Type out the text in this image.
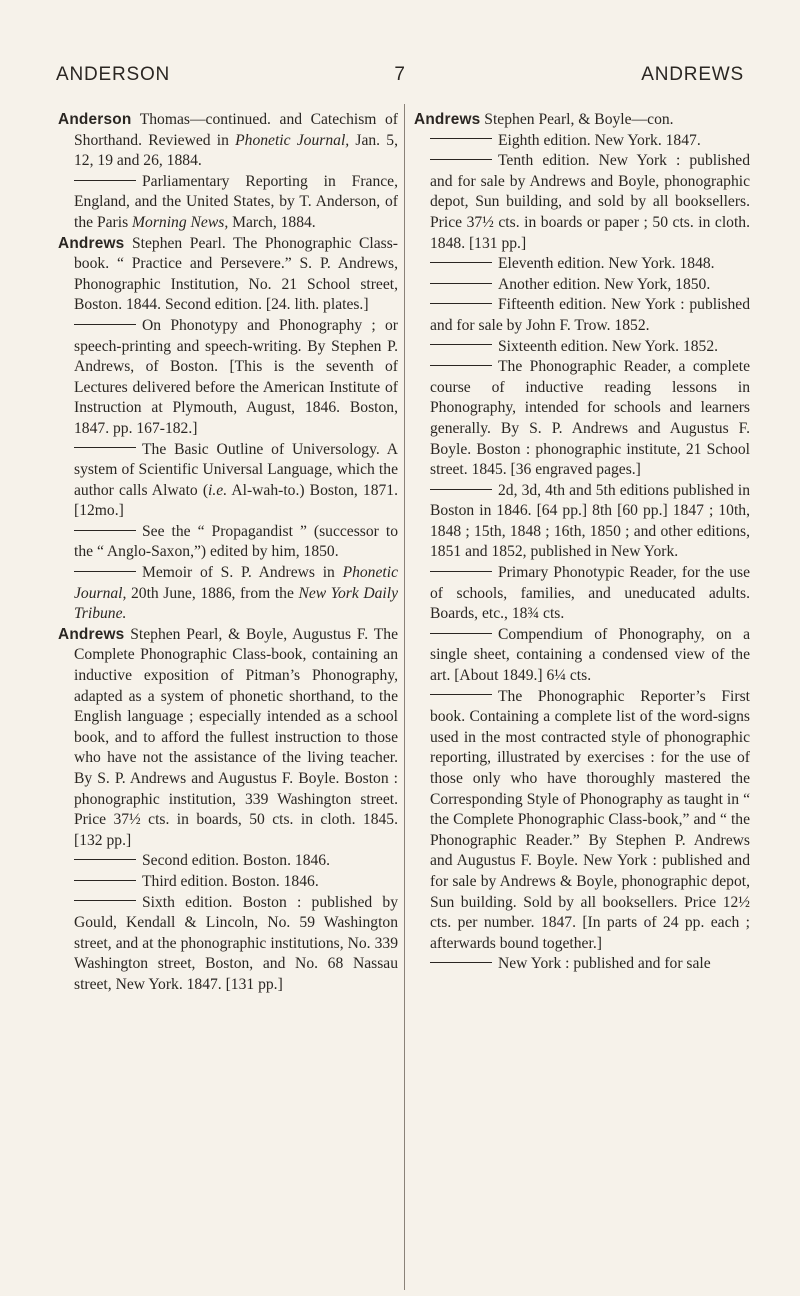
ANDERSON	7	ANDREWS

Anderson Thomas—continued. and Catechism of Shorthand. Reviewed in Phonetic Journal, Jan. 5, 12, 19 and 26, 1884.

Parliamentary Reporting in France, England, and the United States, by T. Anderson, of the Paris Morning News, March, 1884.

Andrews Stephen Pearl. The Phonographic Class-book. “ Practice and Persevere.” S. P. Andrews, Phonographic Institution, No. 21 School street, Boston. 1844. Second edition. [24. lith. plates.]

On Phonotypy and Phonography ; or speech-printing and speech-writing. By Stephen P. Andrews, of Boston. [This is the seventh of Lectures delivered before the American Institute of Instruction at Plymouth, August, 1846. Boston, 1847. pp. 167-182.]

The Basic Outline of Universology. A system of Scientific Universal Language, which the author calls Alwato (i.e. Al-wah-to.) Boston, 1871. [12mo.]

See the “ Propagandist ” (successor to the “ Anglo-Saxon,”) edited by him, 1850.

Memoir of S. P. Andrews in Phonetic Journal, 20th June, 1886, from the New York Daily Tribune.

Andrews Stephen Pearl, & Boyle, Augustus F. The Complete Phonographic Class-book, containing an inductive exposition of Pitman’s Phonography, adapted as a system of phonetic shorthand, to the English language ; especially intended as a school book, and to afford the fullest instruction to those who have not the assistance of the living teacher. By S. P. Andrews and Augustus F. Boyle. Boston : phonographic institution, 339 Washington street. Price 37½ cts. in boards, 50 cts. in cloth. 1845. [132 pp.]

Second edition. Boston. 1846.

Third edition. Boston. 1846.

Sixth edition. Boston : published by Gould, Kendall & Lincoln, No. 59 Washington street, and at the phonographic institutions, No. 339 Washington street, Boston, and No. 68 Nassau street, New York. 1847. [131 pp.]

Andrews Stephen Pearl, & Boyle—con.

Eighth edition. New York. 1847.

Tenth edition. New York : published and for sale by Andrews and Boyle, phonographic depot, Sun building, and sold by all booksellers. Price 37½ cts. in boards or paper ; 50 cts. in cloth. 1848. [131 pp.]

Eleventh edition. New York. 1848.

Another edition. New York, 1850.

Fifteenth edition. New York : published and for sale by John F. Trow. 1852.

Sixteenth edition. New York. 1852.

The Phonographic Reader, a complete course of inductive reading lessons in Phonography, intended for schools and learners generally. By S. P. Andrews and Augustus F. Boyle. Boston : phonographic institute, 21 School street. 1845. [36 engraved pages.]

2d, 3d, 4th and 5th editions published in Boston in 1846. [64 pp.] 8th [60 pp.] 1847 ; 10th, 1848 ; 15th, 1848 ; 16th, 1850 ; and other editions, 1851 and 1852, published in New York.

Primary Phonotypic Reader, for the use of schools, families, and uneducated adults. Boards, etc., 18¾ cts.

Compendium of Phonography, on a single sheet, containing a condensed view of the art. [About 1849.] 6¼ cts.

The Phonographic Reporter’s First book. Containing a complete list of the word-signs used in the most contracted style of phonographic reporting, illustrated by exercises : for the use of those only who have thoroughly mastered the Corresponding Style of Phonography as taught in “ the Complete Phonographic Class-book,” and “ the Phonographic Reader.” By Stephen P. Andrews and Augustus F. Boyle. New York : published and for sale by Andrews & Boyle, phonographic depot, Sun building. Sold by all booksellers. Price 12½ cts. per number. 1847. [In parts of 24 pp. each ; afterwards bound together.]

New York : published and for sale
